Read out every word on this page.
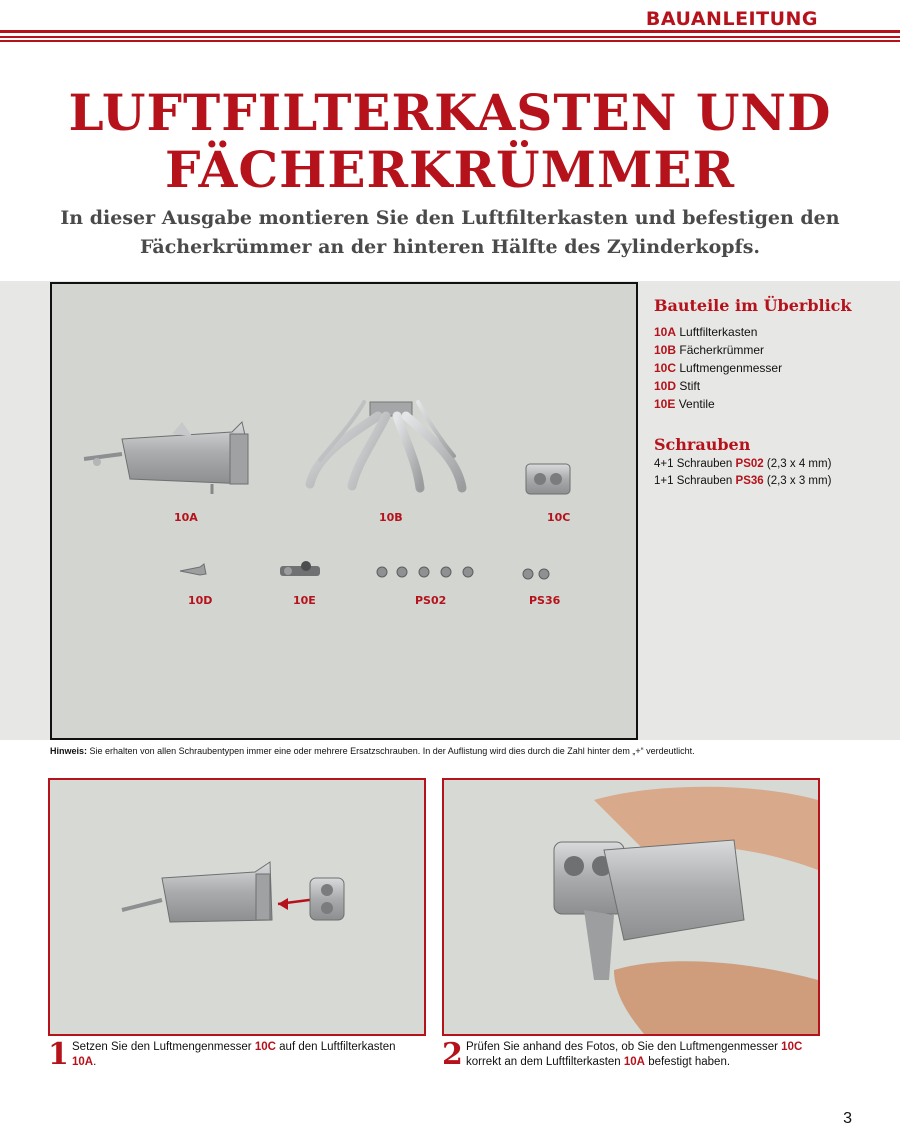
BAUANLEITUNG
LUFTFILTERKASTEN UND
FÄCHERKRÜMMER
In dieser Ausgabe montieren Sie den Luftfilterkasten und befestigen den
Fächerkrümmer an der hinteren Hälfte des Zylinderkopfs.
10A	10B	10C
10D	10E	PS02	PS36
Bauteile im Überblick
10A Luftfilterkasten
10B Fächerkrümmer
10C Luftmengenmesser
10D Stift
10E Ventile
Schrauben
4+1 Schrauben PS02 (2,3 x 4 mm)
1+1 Schrauben PS36 (2,3 x 3 mm)
Hinweis: Sie erhalten von allen Schraubentypen immer eine oder mehrere Ersatzschrauben. In der Auflistung wird dies durch die Zahl hinter dem „+“ verdeutlicht.
1 Setzen Sie den Luftmengenmesser 10C auf den Luftfilterkasten 10A.	2 Prüfen Sie anhand des Fotos, ob Sie den Luftmengenmesser 10C korrekt an dem Luftfilterkasten 10A befestigt haben.
3
